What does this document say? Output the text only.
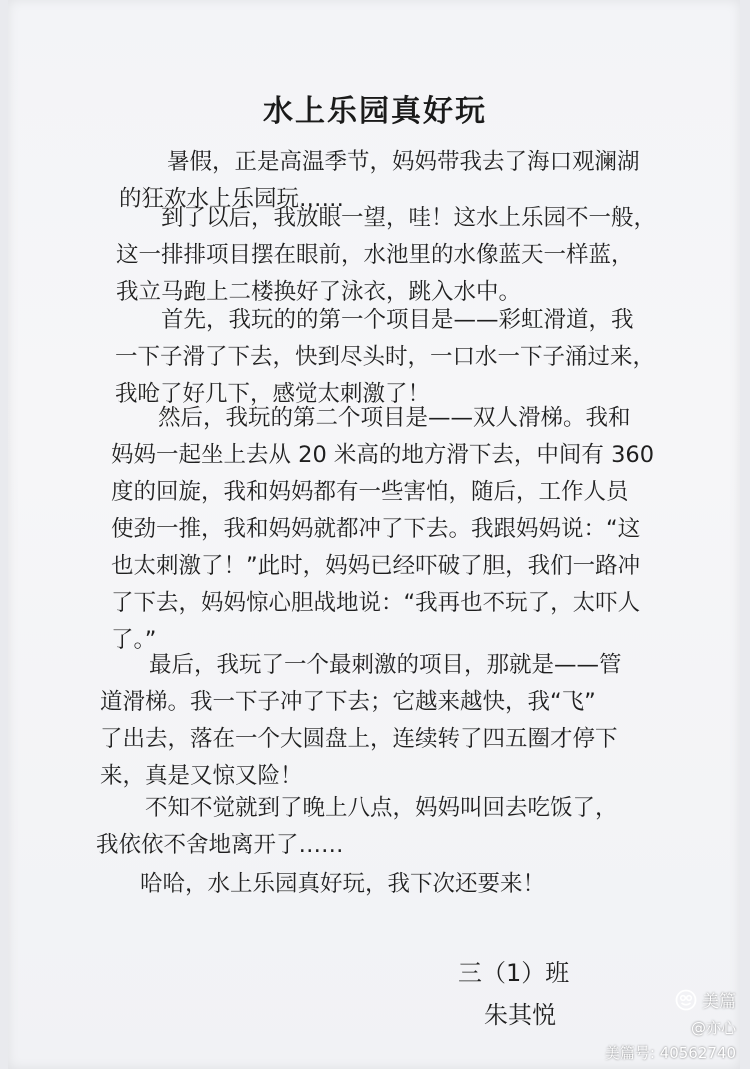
水上乐园真好玩
暑假，正是高温季节，妈妈带我去了海口观澜湖
的狂欢水上乐园玩……
到了以后，我放眼一望，哇！这水上乐园不一般，
这一排排项目摆在眼前，水池里的水像蓝天一样蓝，
我立马跑上二楼换好了泳衣，跳入水中。
首先，我玩的的第一个项目是——彩虹滑道，我
一下子滑了下去，快到尽头时，一口水一下子涌过来，
我呛了好几下，感觉太刺激了！
然后，我玩的第二个项目是——双人滑梯。我和
妈妈一起坐上去从 20 米高的地方滑下去，中间有 360
度的回旋，我和妈妈都有一些害怕，随后，工作人员
使劲一推，我和妈妈就都冲了下去。我跟妈妈说：“这
也太刺激了！”此时，妈妈已经吓破了胆，我们一路冲
了下去，妈妈惊心胆战地说：“我再也不玩了，太吓人
了。”
最后，我玩了一个最刺激的项目，那就是——管
道滑梯。我一下子冲了下去；它越来越快，我“飞”
了出去，落在一个大圆盘上，连续转了四五圈才停下
来，真是又惊又险！
不知不觉就到了晚上八点，妈妈叫回去吃饭了，
我依依不舍地离开了……
哈哈，水上乐园真好玩，我下次还要来！
三（1）班
朱其悦	美篇
@亦心
美篇号: 40562740
